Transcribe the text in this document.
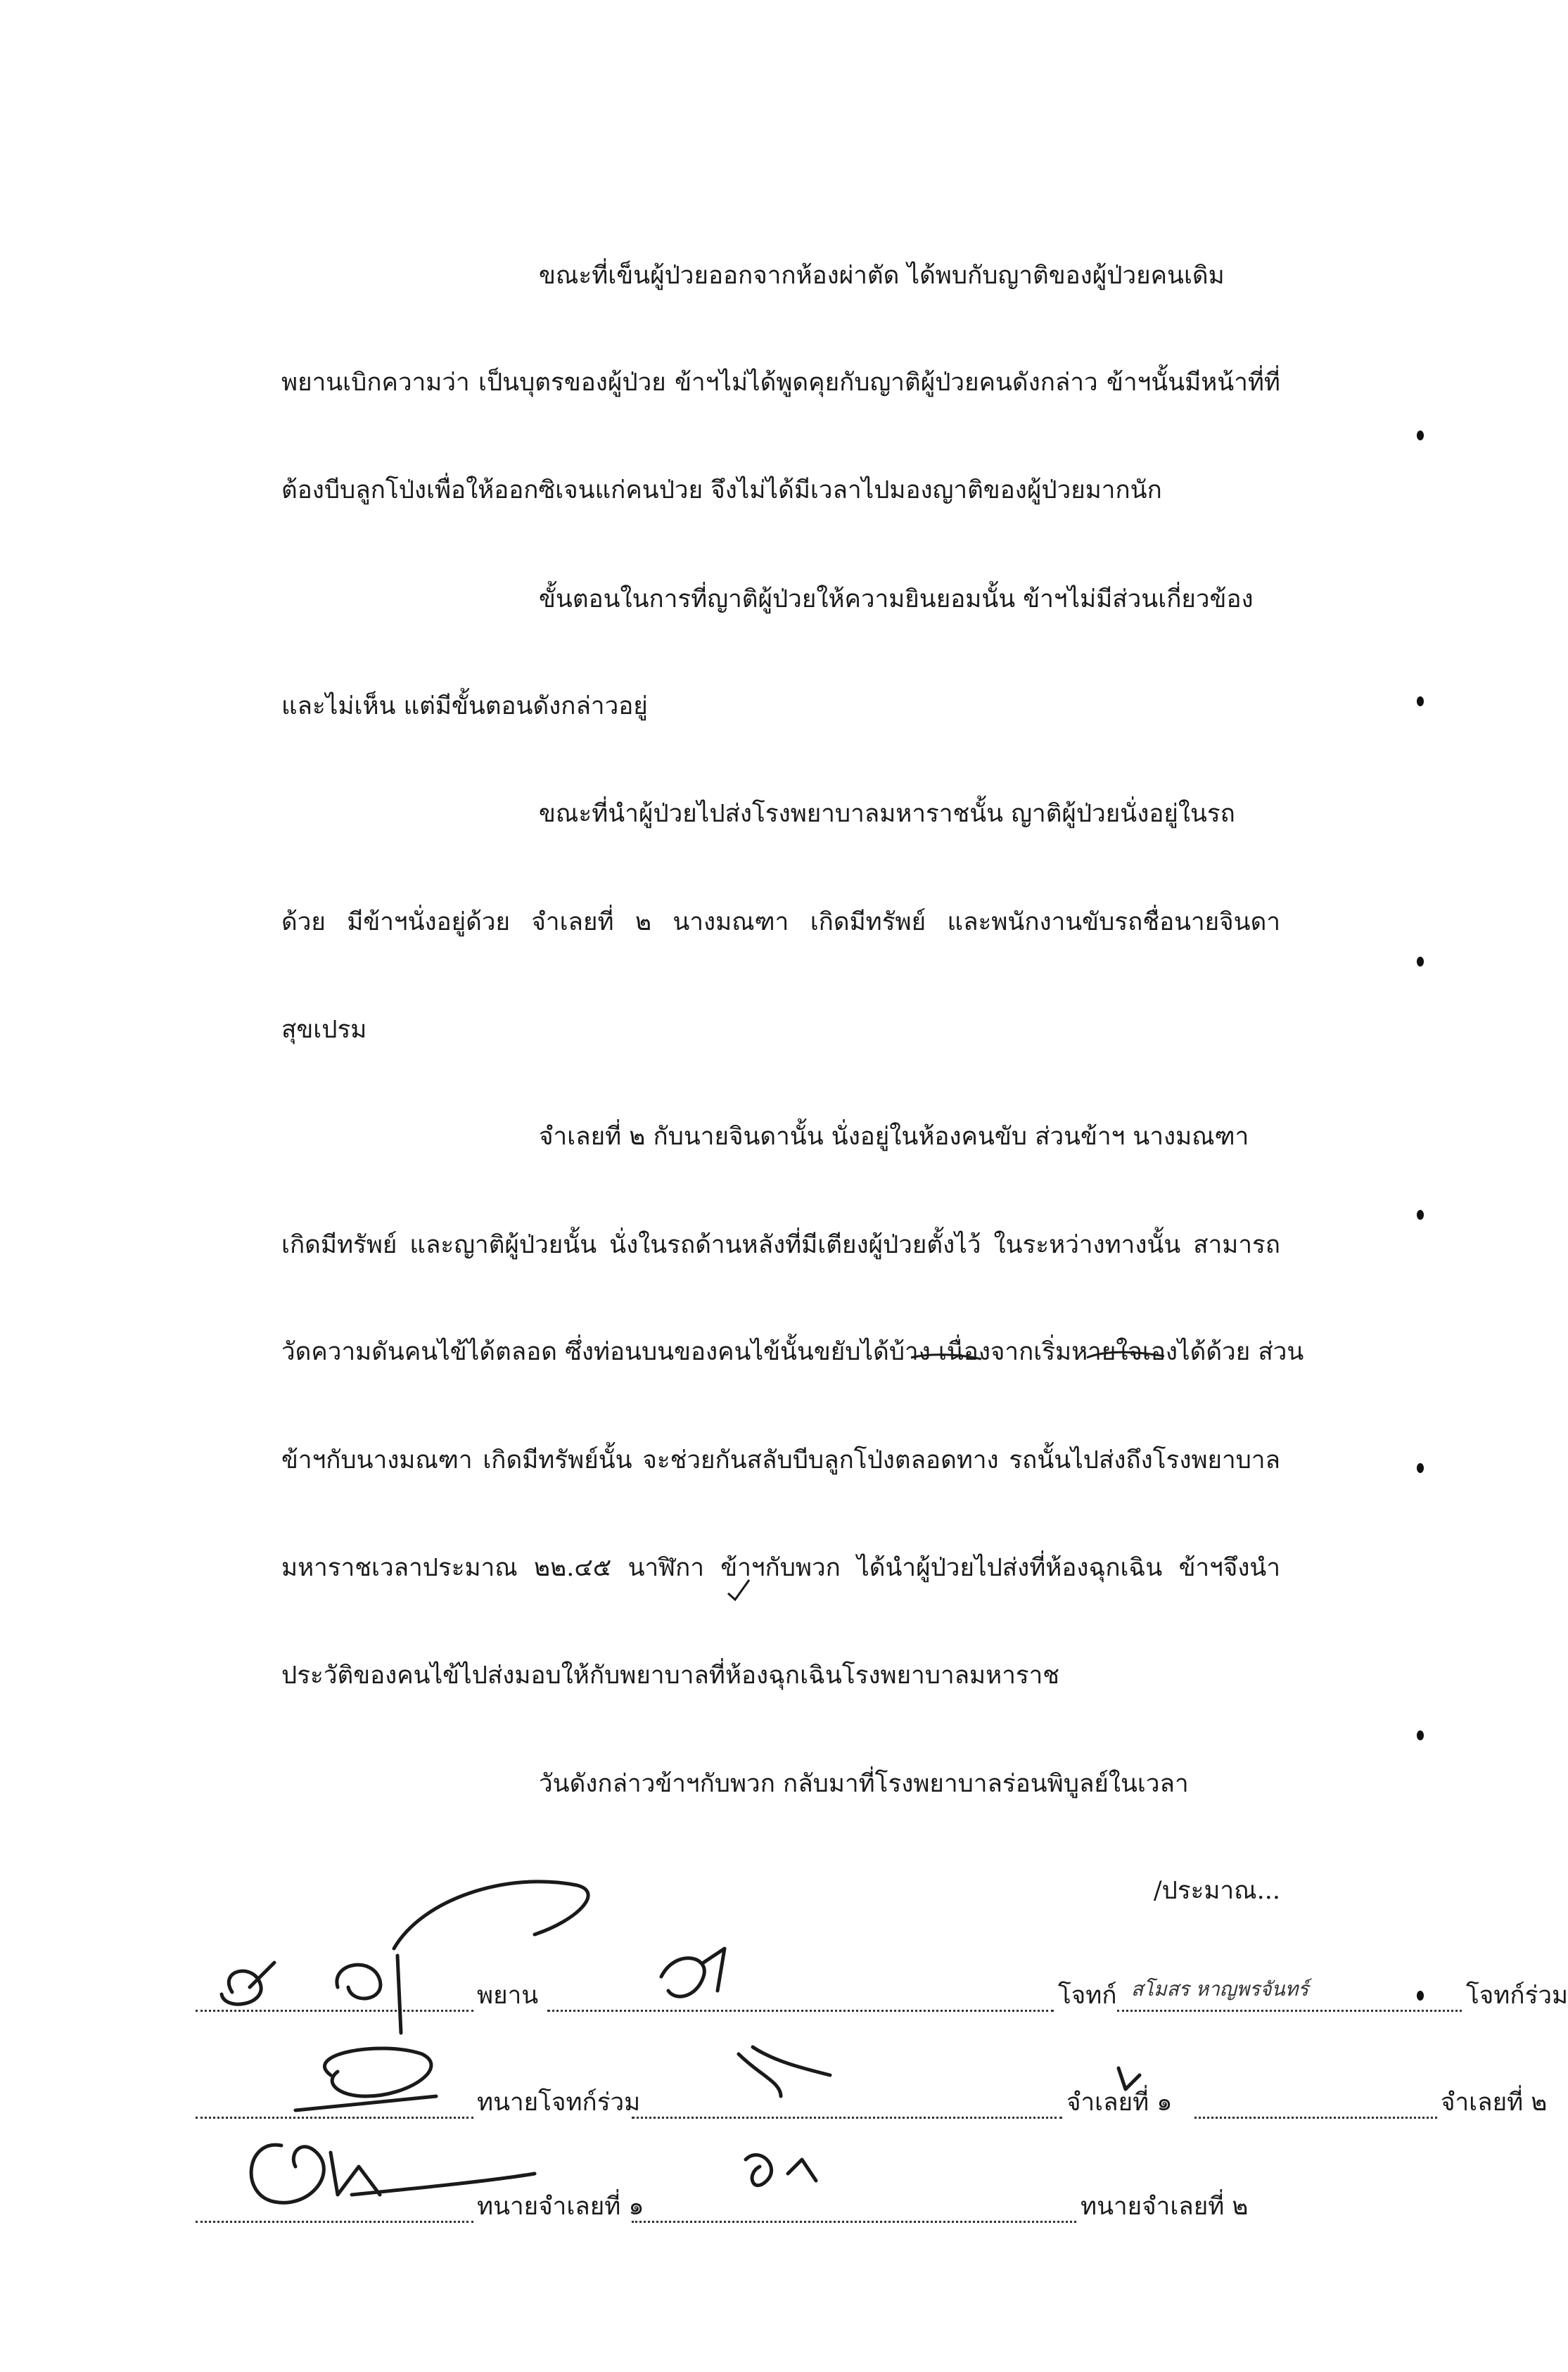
ขณะที่เข็นผู้ป่วยออกจากห้องผ่าตัด ได้พบกับญาติของผู้ป่วยคนเดิม
พยานเบิกความว่า เป็นบุตรของผู้ป่วย ข้าฯไม่ได้พูดคุยกับญาติผู้ป่วยคนดังกล่าว ข้าฯนั้นมีหน้าที่ที่
ต้องบีบลูกโป่งเพื่อให้ออกซิเจนแก่คนป่วย จึงไม่ได้มีเวลาไปมองญาติของผู้ป่วยมากนัก
ขั้นตอนในการที่ญาติผู้ป่วยให้ความยินยอมนั้น ข้าฯไม่มีส่วนเกี่ยวข้อง
และไม่เห็น แต่มีขั้นตอนดังกล่าวอยู่
ขณะที่นำผู้ป่วยไปส่งโรงพยาบาลมหาราชนั้น ญาติผู้ป่วยนั่งอยู่ในรถ
ด้วย มีข้าฯนั่งอยู่ด้วย จำเลยที่ ๒ นางมณฑา เกิดมีทรัพย์ และพนักงานขับรถชื่อนายจินดา
สุขเปรม
จำเลยที่ ๒ กับนายจินดานั้น นั่งอยู่ในห้องคนขับ ส่วนข้าฯ นางมณฑา
เกิดมีทรัพย์ และญาติผู้ป่วยนั้น นั่งในรถด้านหลังที่มีเตียงผู้ป่วยตั้งไว้ ในระหว่างทางนั้น สามารถ
วัดความดันคนไข้ได้ตลอด ซึ่งท่อนบนของคนไข้นั้นขยับได้บ้าง เนื่องจากเริ่มหายใจเองได้ด้วย ส่วน
ข้าฯกับนางมณฑา เกิดมีทรัพย์นั้น จะช่วยกันสลับบีบลูกโป่งตลอดทาง รถนั้นไปส่งถึงโรงพยาบาล
มหาราชเวลาประมาณ ๒๒.๔๕ นาฬิกา ข้าฯกับพวก ได้นำผู้ป่วยไปส่งที่ห้องฉุกเฉิน ข้าฯจึงนำ
ประวัติของคนไข้ไปส่งมอบให้กับพยาบาลที่ห้องฉุกเฉินโรงพยาบาลมหาราช
วันดังกล่าวข้าฯกับพวก กลับมาที่โรงพยาบาลร่อนพิบูลย์ในเวลา
/ประมาณ...
พยาน	โจทก์ สโมสร หาญพรจันทร์	โจทก์ร่วม
ทนายโจทก์ร่วม	จำเลยที่ ๑	จำเลยที่ ๒
ทนายจำเลยที่ ๑	ทนายจำเลยที่ ๒
